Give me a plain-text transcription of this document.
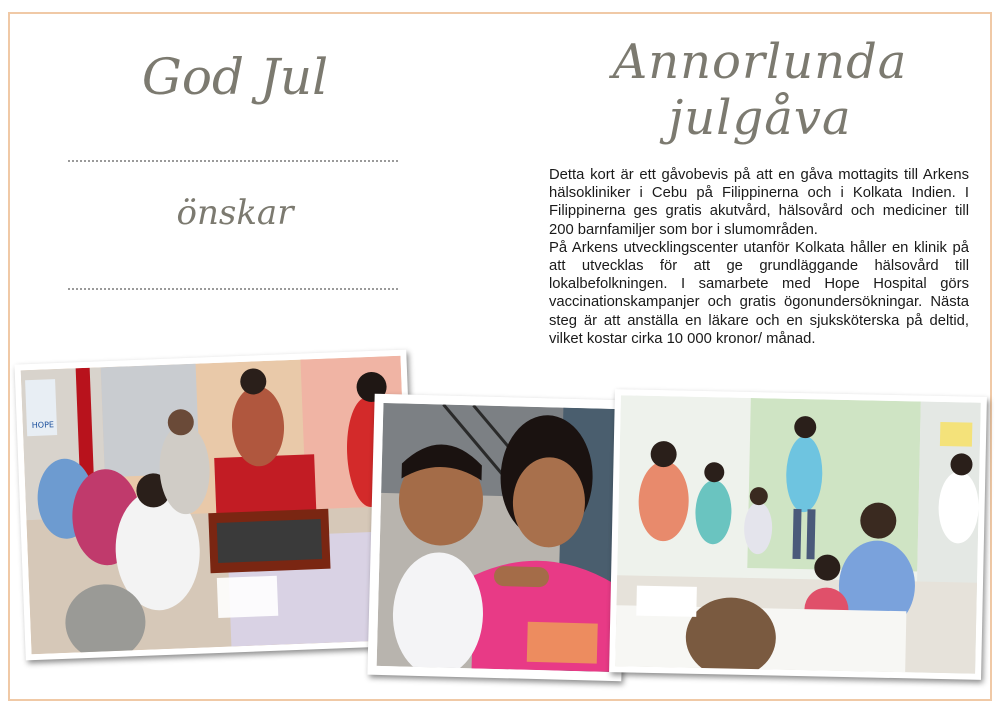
God Jul
önskar
Annorlunda
julgåva

Detta kort är ett gåvobevis på att en gåva mottagits till Arkens hälsokliniker i Cebu på Filippinerna och i Kolkata Indien. I Filippinerna ges gratis akutvård, hälsovård och mediciner till 200 barnfamiljer som bor i slumområden.

På Arkens utvecklingscenter utanför Kolkata håller en klinik på att utvecklas för att ge grundläggande hälsovård till lokalbefolkningen. I samarbete med Hope Hospital görs vaccinationskampanjer och gratis ögonundersökningar. Nästa steg är att anställa en läkare och en sjuksköterska på deltid, vilket kostar cirka 10 000 kronor/ månad.

HOPE
